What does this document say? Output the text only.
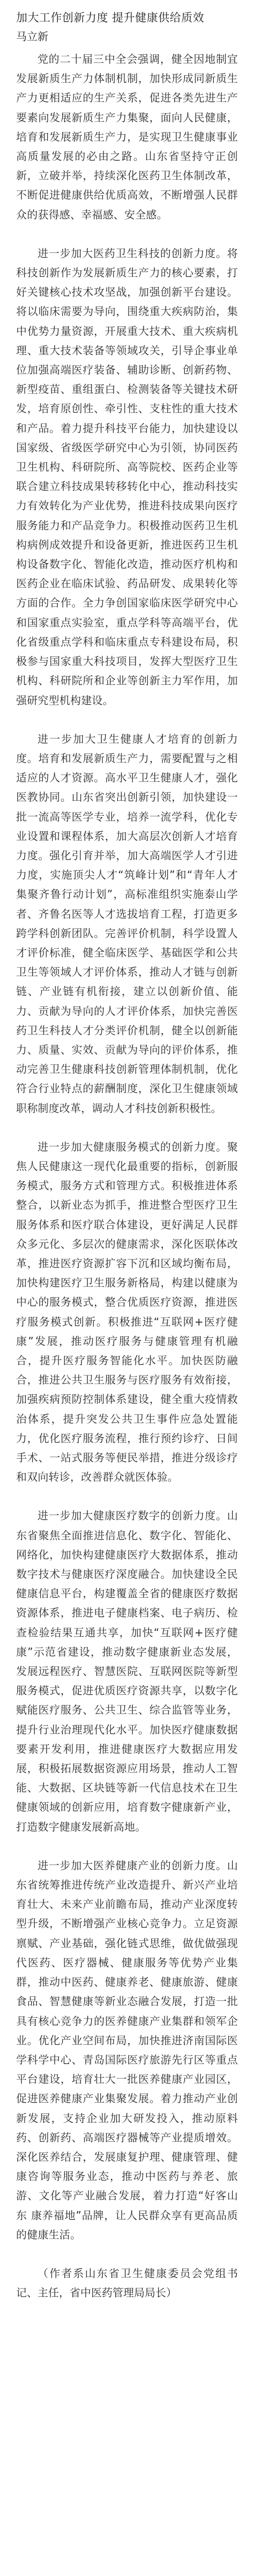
加大工作创新力度 提升健康供给质效
马立新

党的二十届三中全会强调，健全因地制宜发展新质生产力体制机制，加快形成同新质生产力更相适应的生产关系，促进各类先进生产要素向发展新质生产力集聚，面向人民健康，培育和发展新质生产力，是实现卫生健康事业高质量发展的必由之路。山东省坚持守正创新，立破并举，持续深化医药卫生体制改革，不断促进健康供给优质高效，不断增强人民群众的获得感、幸福感、安全感。

进一步加大医药卫生科技的创新力度。将科技创新作为发展新质生产力的核心要素，打好关键核心技术攻坚战，加强创新平台建设。将以临床需要为导向，围绕重大疾病防治，集中优势力量资源，开展重大技术、重大疾病机理、重大技术装备等领域攻关，引导企事业单位加强高端医疗装备、辅助诊断、创新药物、新型疫苗、重组蛋白、检测装备等关键技术研发，培育原创性、牵引性、支柱性的重大技术和产品。着力提升科技平台能力，加快建设以国家级、省级医学研究中心为引领，协同医药卫生机构、科研院所、高等院校、医药企业等联合建立科技成果转移转化中心，推动科技实力有效转化为产业优势，推进科技成果向医疗服务能力和产品竞争力。积极推动医药卫生机构病例成效提升和设备更新，推进医药卫生机构设备数字化、智能化改造，推动医疗机构和医药企业在临床试验、药品研发、成果转化等方面的合作。全力争创国家临床医学研究中心和国家重点实验室，重点学科等高端平台，优化省级重点学科和临床重点专科建设布局，积极参与国家重大科技项目，发挥大型医疗卫生机构、科研院所和企业等创新主力军作用，加强研究型机构建设。

进一步加大卫生健康人才培育的创新力度。培育和发展新质生产力，需要配置与之相适应的人才资源。高水平卫生健康人才，强化医教协同。山东省突出创新引领，加快建设一批一流高等医学专业，培养一流学科，优化专业设置和课程体系，加大高层次创新人才培育力度。强化引育并举，加大高端医学人才引进力度，实施顶尖人才“筑峰计划”和“青年人才集聚齐鲁行动计划”，高标准组织实施泰山学者、齐鲁名医等人才选拔培育工程，打造更多跨学科创新团队。完善评价机制，科学设置人才评价标准，健全临床医学、基础医学和公共卫生等领域人才评价体系，推动人才链与创新链、产业链有机衔接，建立以创新价值、能力、贡献为导向的人才评价体系，加快完善医药卫生科技人才分类评价机制，健全以创新能力、质量、实效、贡献为导向的评价体系，推动完善卫生健康科技创新管理体制机制，优化符合行业特点的薪酬制度，深化卫生健康领域职称制度改革，调动人才科技创新积极性。

进一步加大健康服务模式的创新力度。聚焦人民健康这一现代化最重要的指标，创新服务模式，服务方式和管理方式。积极推进体系整合，以新业态为抓手，推进整合型医疗卫生服务体系和医疗联合体建设，更好满足人民群众多元化、多层次的健康需求，深化医联体改革，推进医疗资源扩容下沉和区域均衡布局，加快构建医疗卫生服务新格局，构建以健康为中心的服务模式，整合优质医疗资源，推进医疗服务模式创新。积极推进“互联网+医疗健康”发展，推动医疗服务与健康管理有机融合，提升医疗服务智能化水平。加快医防融合，推进公共卫生服务与医疗服务有效衔接，加强疾病预防控制体系建设，健全重大疫情救治体系，提升突发公共卫生事件应急处置能力，优化医疗服务流程，推行预约诊疗、日间手术、一站式服务等便民举措，推进分级诊疗和双向转诊，改善群众就医体验。

进一步加大健康医疗数字的创新力度。山东省聚焦全面推进信息化、数字化、智能化、网络化，加快构建健康医疗大数据体系，推动数字技术与健康医疗深度融合。加快建设全民健康信息平台，构建覆盖全省的健康医疗数据资源体系，推进电子健康档案、电子病历、检查检验结果互通共享，加快“互联网+医疗健康”示范省建设，推动数字健康新业态发展，发展远程医疗、智慧医院、互联网医院等新型服务模式，促进优质医疗资源共享，以数字化赋能医疗服务、公共卫生、综合监管等业务，提升行业治理现代化水平。加快医疗健康数据要素开发利用，推进健康医疗大数据应用发展，积极拓展数据资源应用场景，推动人工智能、大数据、区块链等新一代信息技术在卫生健康领域的创新应用，培育数字健康新产业，打造数字健康发展新高地。

进一步加大医养健康产业的创新力度。山东省统筹推进传统产业改造提升、新兴产业培育壮大、未来产业前瞻布局，推动产业深度转型升级，不断增强产业核心竞争力。立足资源禀赋、产业基础，强化链式思维，做优做强现代医药、医疗器械、健康服务等优势产业集群，推动中医药、健康养老、健康旅游、健康食品、智慧健康等新业态融合发展，打造一批具有核心竞争力的医养健康产业集群和领军企业。优化产业空间布局，加快推进济南国际医学科学中心、青岛国际医疗旅游先行区等重点平台建设，培育壮大一批医养健康产业园区，促进医养健康产业集聚发展。着力推动产业创新发展，支持企业加大研发投入，推动原料药、创新药、高端医疗器械等产业提质增效。深化医养结合，发展康复护理、健康管理、健康咨询等服务业态，推动中医药与养老、旅游、文化等产业融合发展，着力打造“好客山东 康养福地”品牌，让人民群众享有更高品质的健康生活。

（作者系山东省卫生健康委员会党组书记、主任，省中医药管理局局长）
